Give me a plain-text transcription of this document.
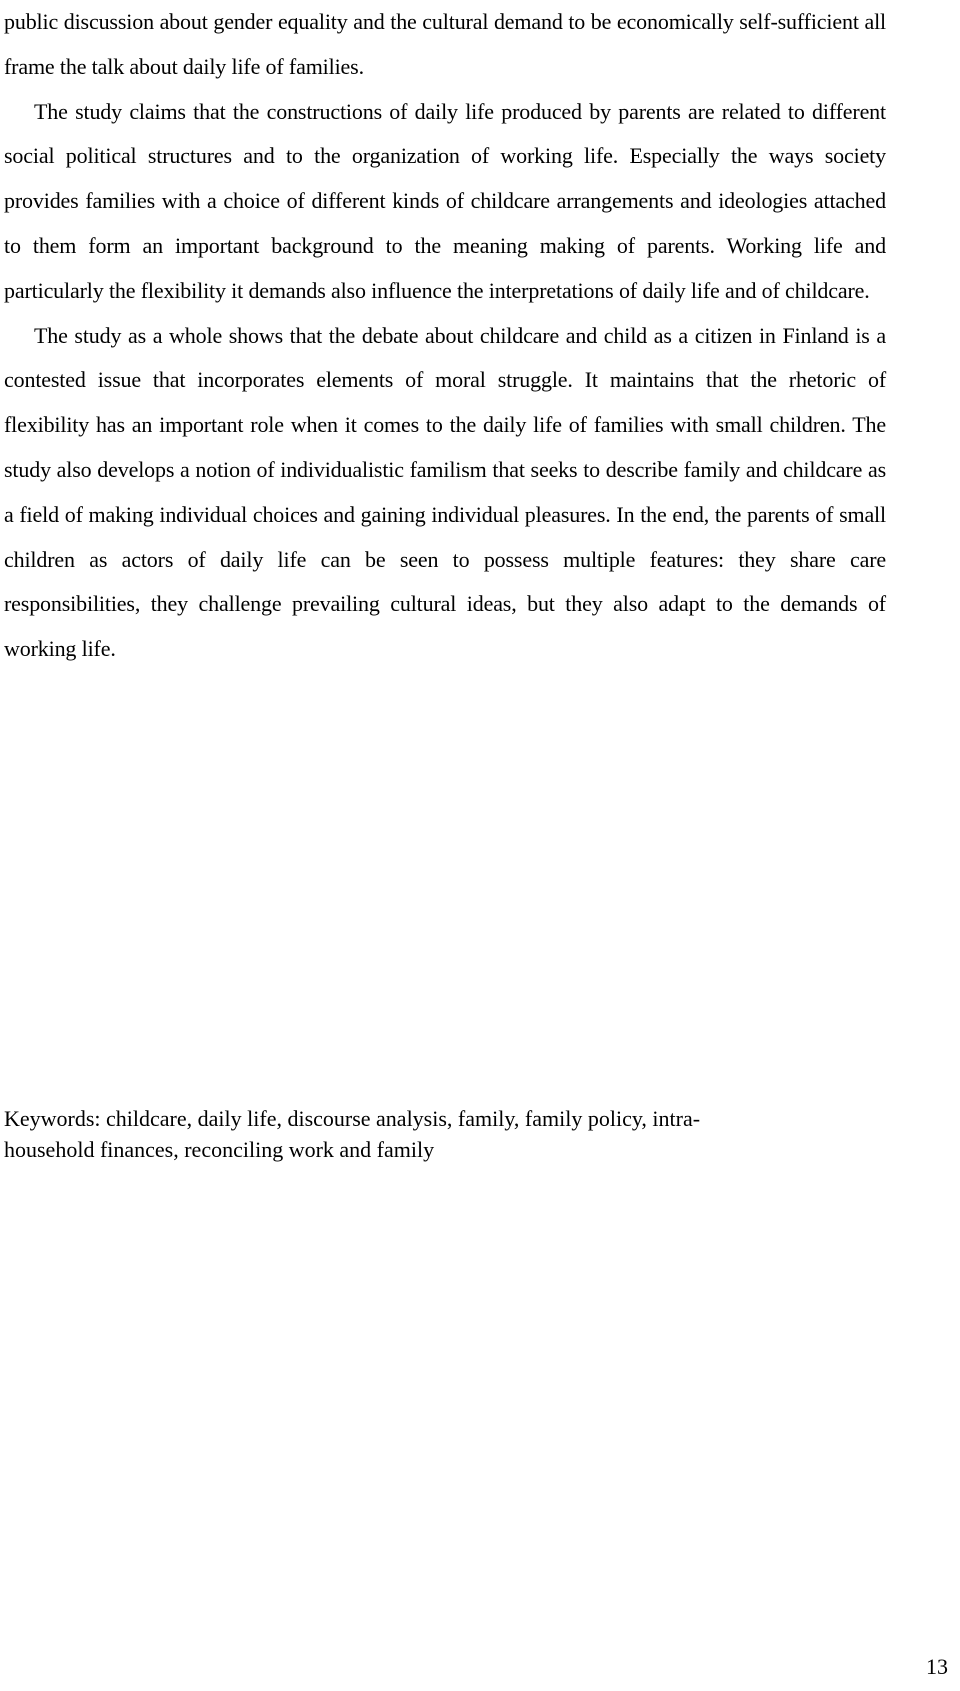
public discussion about gender equality and the cultural demand to be economically self-sufficient all frame the talk about daily life of families.

The study claims that the constructions of daily life produced by parents are related to different social political structures and to the organization of working life. Especially the ways society provides families with a choice of different kinds of childcare arrangements and ideologies attached to them form an important background to the meaning making of parents. Working life and particularly the flexibility it demands also influence the interpretations of daily life and of childcare.

The study as a whole shows that the debate about childcare and child as a citizen in Finland is a contested issue that incorporates elements of moral struggle. It maintains that the rhetoric of flexibility has an important role when it comes to the daily life of families with small children. The study also develops a notion of individualistic familism that seeks to describe family and childcare as a field of making individual choices and gaining individual pleasures. In the end, the parents of small children as actors of daily life can be seen to possess multiple features: they share care responsibilities, they challenge prevailing cultural ideas, but they also adapt to the demands of working life.

Keywords: childcare, daily life, discourse analysis, family, family policy, intra-
household finances, reconciling work and family
13
